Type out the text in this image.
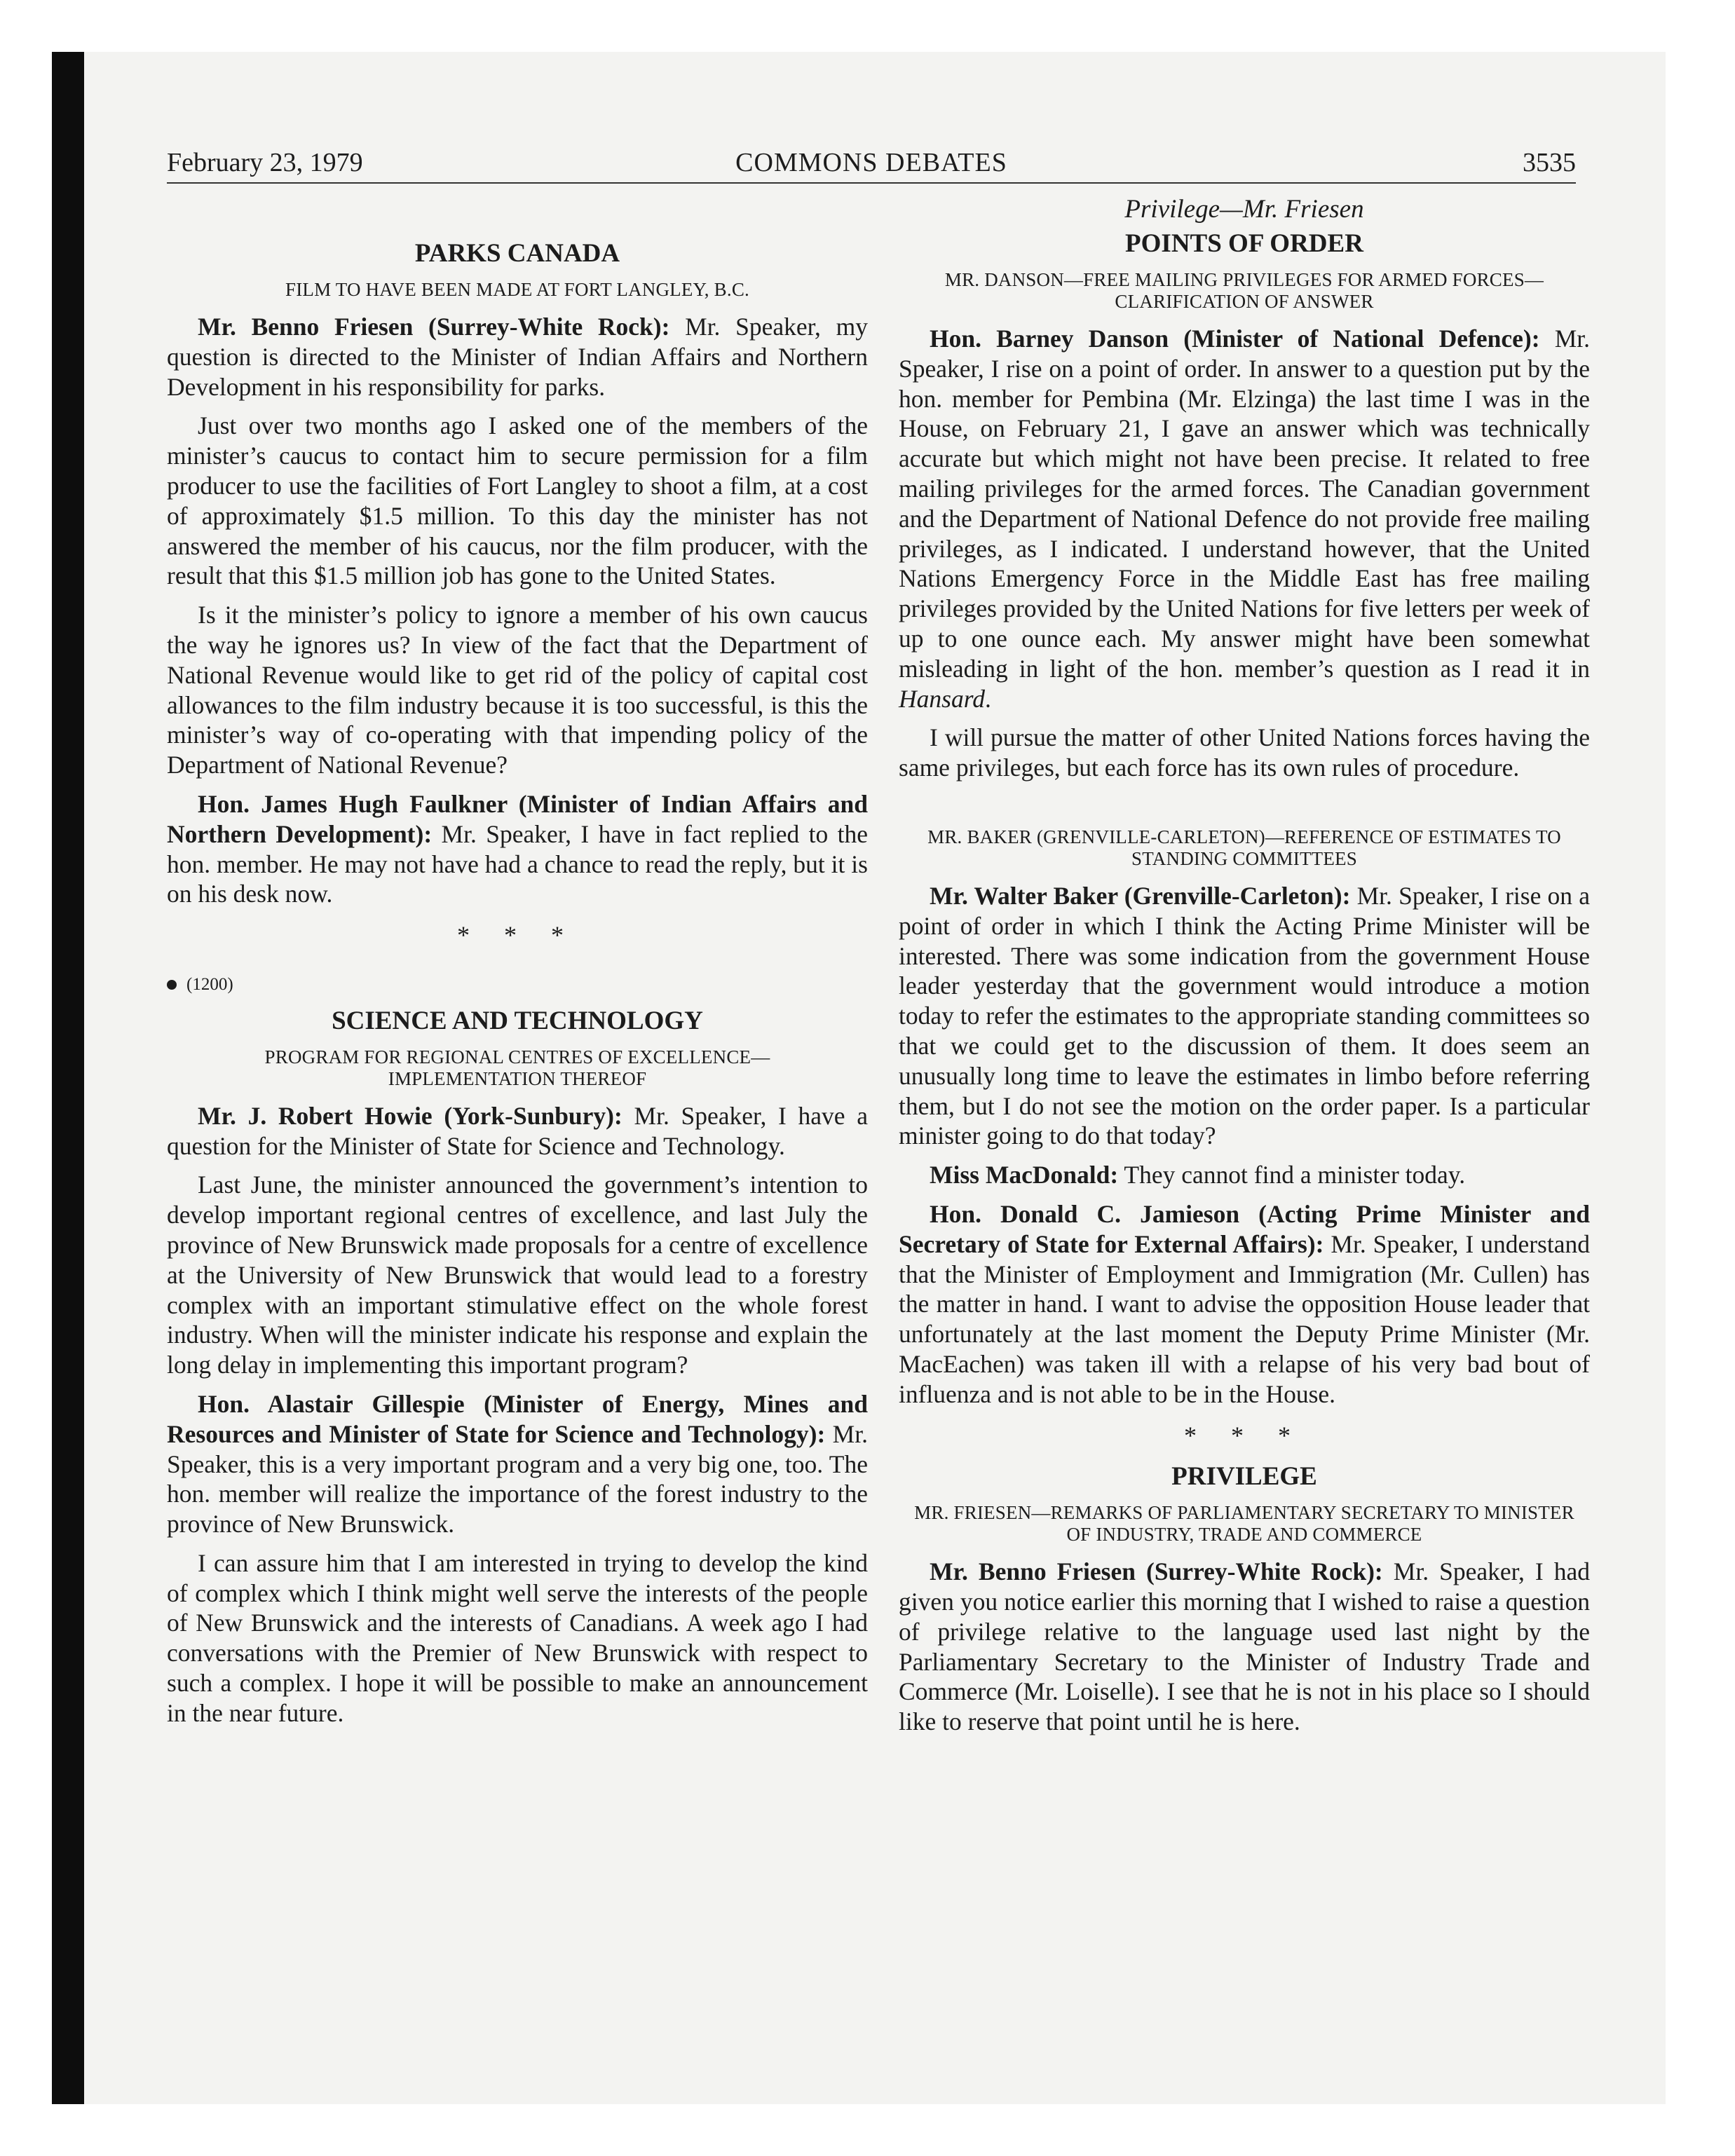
February 23, 1979	COMMONS DEBATES	3535
PARKS CANADA
FILM TO HAVE BEEN MADE AT FORT LANGLEY, B.C.

Mr. Benno Friesen (Surrey-White Rock): Mr. Speaker, my question is directed to the Minister of Indian Affairs and Northern Development in his responsibility for parks.

Just over two months ago I asked one of the members of the minister’s caucus to contact him to secure permission for a film producer to use the facilities of Fort Langley to shoot a film, at a cost of approximately $1.5 million. To this day the minister has not answered the member of his caucus, nor the film producer, with the result that this $1.5 million job has gone to the United States.

Is it the minister’s policy to ignore a member of his own caucus the way he ignores us? In view of the fact that the Department of National Revenue would like to get rid of the policy of capital cost allowances to the film industry because it is too successful, is this the minister’s way of co-operating with that impending policy of the Department of National Revenue?

Hon. James Hugh Faulkner (Minister of Indian Affairs and Northern Development): Mr. Speaker, I have in fact replied to the hon. member. He may not have had a chance to read the reply, but it is on his desk now.

* * *
(1200)
SCIENCE AND TECHNOLOGY
PROGRAM FOR REGIONAL CENTRES OF EXCELLENCE— IMPLEMENTATION THEREOF

Mr. J. Robert Howie (York-Sunbury): Mr. Speaker, I have a question for the Minister of State for Science and Technology.

Last June, the minister announced the government’s intention to develop important regional centres of excellence, and last July the province of New Brunswick made proposals for a centre of excellence at the University of New Brunswick that would lead to a forestry complex with an important stimulative effect on the whole forest industry. When will the minister indicate his response and explain the long delay in implementing this important program?

Hon. Alastair Gillespie (Minister of Energy, Mines and Resources and Minister of State for Science and Technology): Mr. Speaker, this is a very important program and a very big one, too. The hon. member will realize the importance of the forest industry to the province of New Brunswick.

I can assure him that I am interested in trying to develop the kind of complex which I think might well serve the interests of the people of New Brunswick and the interests of Canadians. A week ago I had conversations with the Premier of New Brunswick with respect to such a complex. I hope it will be possible to make an announcement in the near future.

Privilege—Mr. Friesen
POINTS OF ORDER
MR. DANSON—FREE MAILING PRIVILEGES FOR ARMED FORCES—CLARIFICATION OF ANSWER

Hon. Barney Danson (Minister of National Defence): Mr. Speaker, I rise on a point of order. In answer to a question put by the hon. member for Pembina (Mr. Elzinga) the last time I was in the House, on February 21, I gave an answer which was technically accurate but which might not have been precise. It related to free mailing privileges for the armed forces. The Canadian government and the Department of National Defence do not provide free mailing privileges, as I indicated. I understand however, that the United Nations Emergency Force in the Middle East has free mailing privileges provided by the United Nations for five letters per week of up to one ounce each. My answer might have been somewhat misleading in light of the hon. member’s question as I read it in Hansard.

I will pursue the matter of other United Nations forces having the same privileges, but each force has its own rules of procedure.

MR. BAKER (GRENVILLE-CARLETON)—REFERENCE OF ESTIMATES TO STANDING COMMITTEES

Mr. Walter Baker (Grenville-Carleton): Mr. Speaker, I rise on a point of order in which I think the Acting Prime Minister will be interested. There was some indication from the government House leader yesterday that the government would introduce a motion today to refer the estimates to the appropriate standing committees so that we could get to the discussion of them. It does seem an unusually long time to leave the estimates in limbo before referring them, but I do not see the motion on the order paper. Is a particular minister going to do that today?

Miss MacDonald: They cannot find a minister today.

Hon. Donald C. Jamieson (Acting Prime Minister and Secretary of State for External Affairs): Mr. Speaker, I understand that the Minister of Employment and Immigration (Mr. Cullen) has the matter in hand. I want to advise the opposition House leader that unfortunately at the last moment the Deputy Prime Minister (Mr. MacEachen) was taken ill with a relapse of his very bad bout of influenza and is not able to be in the House.

* * *
PRIVILEGE
MR. FRIESEN—REMARKS OF PARLIAMENTARY SECRETARY TO MINISTER OF INDUSTRY, TRADE AND COMMERCE

Mr. Benno Friesen (Surrey-White Rock): Mr. Speaker, I had given you notice earlier this morning that I wished to raise a question of privilege relative to the language used last night by the Parliamentary Secretary to the Minister of Industry Trade and Commerce (Mr. Loiselle). I see that he is not in his place so I should like to reserve that point until he is here.
